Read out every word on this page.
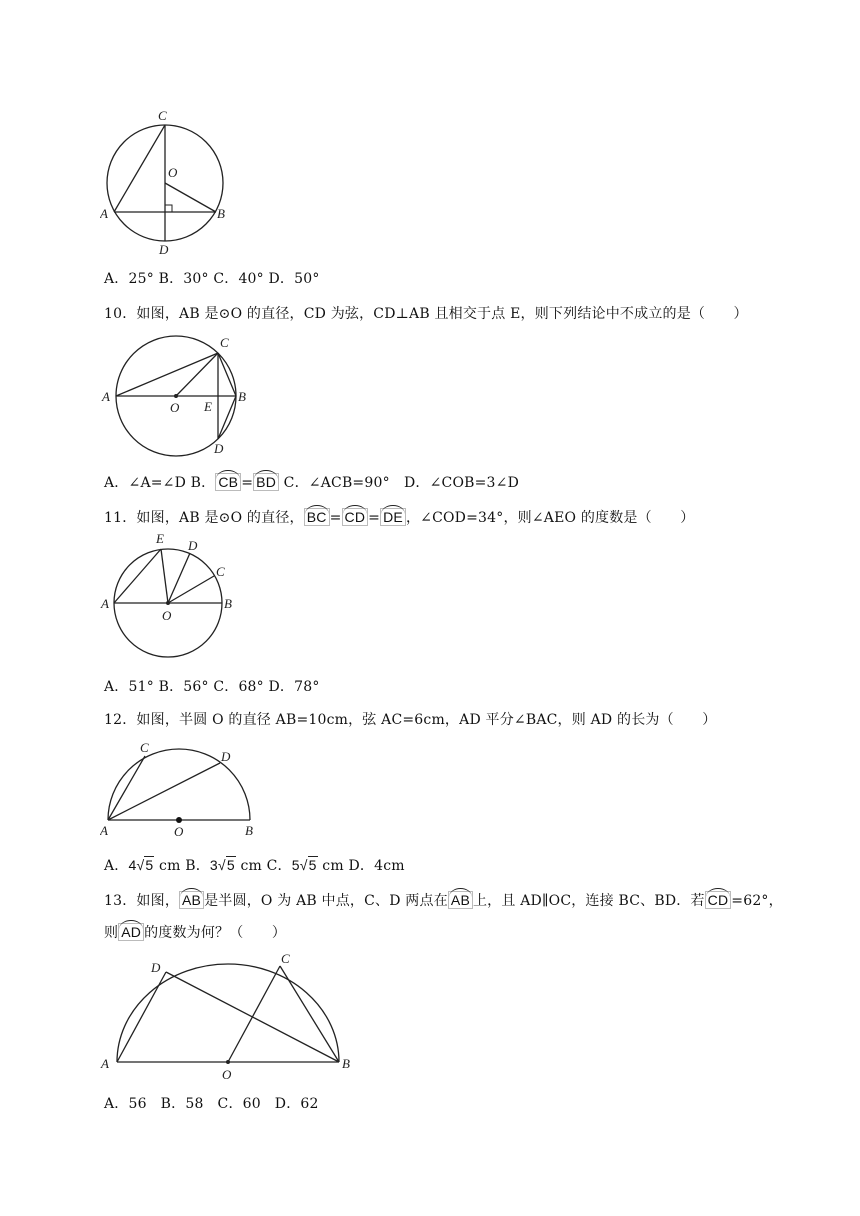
C
O
A	B
D
A．25° B．30° C．40° D．50°
10．如图，AB 是⊙O 的直径，CD 为弦，CD⊥AB 且相交于点 E，则下列结论中不成立的是（　　）
A
O E
B
C
D
A．∠A=∠D B． CB = BD C．∠ACB=90°　D．∠COB=3∠D
11．如图，AB 是⊙O 的直径， BC = CD = DE ，∠COD=34°，则∠AEO 的度数是（　　）
E D
C
A
O
B
A．51° B．56° C．68° D．78°
12．如图，半圆 O 的直径 AB=10cm，弦 AC=6cm，AD 平分∠BAC，则 AD 的长为（　　）
C
D
A	O	B
A．4√5 cm B．3√5 cm C．5√5 cm D．4cm
13．如图， AB 是半圆，O 为 AB 中点，C、D 两点在 AB 上，且 AD∥OC，连接 BC、BD．若 CD =62°，
则 AD 的度数为何？（　　）
D
C
A
O
B
A．56   B．58   C．60   D．62
